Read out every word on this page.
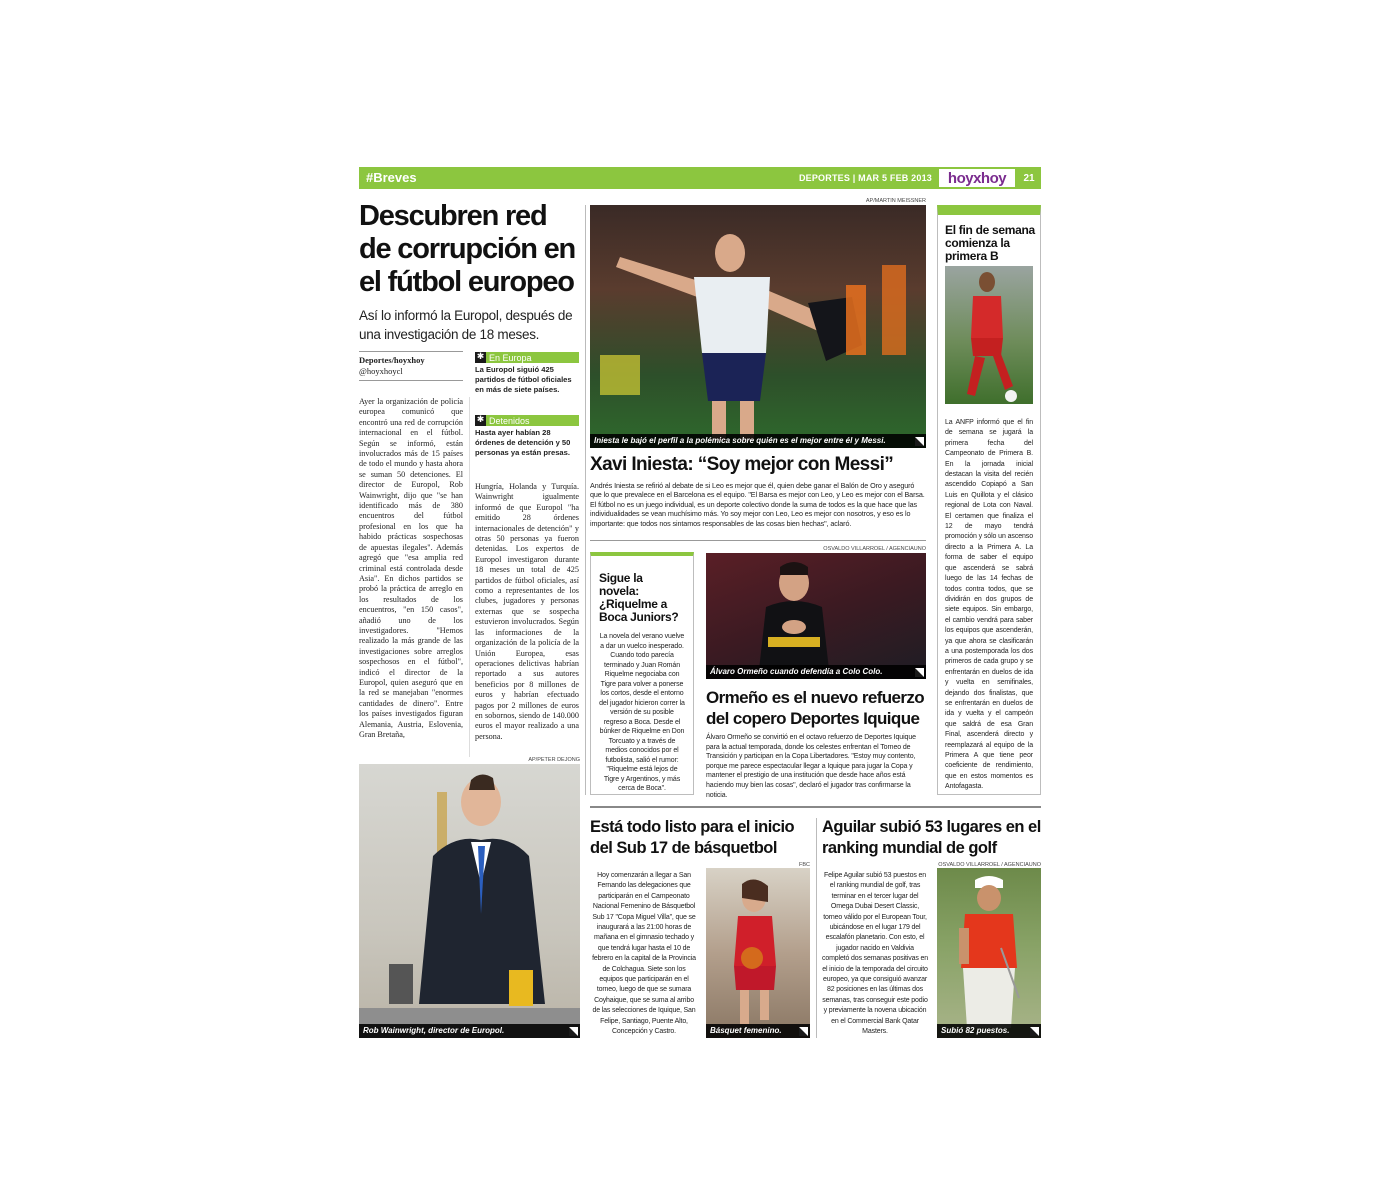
#Breves	DEPORTES | MAR 5 FEB 2013 hoyxhoy	21
Descubren red de corrupción en el fútbol europeo
Así lo informó la Europol, después de una investigación de 18 meses.
Deportes/hoyxhoy
@hoyxhoycl
Ayer la organización de policía europea comunicó que encontró una red de corrupción internacional en el fútbol. Según se informó, están involucrados más de 15 países de todo el mundo y hasta ahora se suman 50 detenciones. El director de Europol, Rob Wainwright, dijo que "se han identificado más de 380 encuentros del fútbol profesional en los que ha habido prácticas sospechosas de apuestas ilegales". Además agregó que "esa amplia red criminal está controlada desde Asia". En dichos partidos se probó la práctica de arreglo en los resultados de los encuentros, "en 150 casos", añadió uno de los investigadores. "Hemos realizado la más grande de las investigaciones sobre arreglos sospechosos en el fútbol", indicó el director de la Europol, quien aseguró que en la red se manejaban "enormes cantidades de dinero". Entre los países investigados figuran Alemania, Austria, Eslovenia, Gran Bretaña,
✱ En Europa
La Europol siguió 425 partidos de fútbol oficiales en más de siete países.
✱ Detenidos
Hasta ayer habían 28 órdenes de detención y 50 personas ya están presas.
Hungría, Holanda y Turquía. Wainwright igualmente informó de que Europol "ha emitido 28 órdenes internacionales de detención" y otras 50 personas ya fueron detenidas. Los expertos de Europol investigaron durante 18 meses un total de 425 partidos de fútbol oficiales, así como a representantes de los clubes, jugadores y personas externas que se sospecha estuvieron involucrados. Según las informaciones de la organización de la policía de la Unión Europea, esas operaciones delictivas habrían reportado a sus autores beneficios por 8 millones de euros y habrían efectuado pagos por 2 millones de euros en sobornos, siendo de 140.000 euros el mayor realizado a una persona.
AP/PETER DEJONG
Rob Wainwright, director de Europol.
AP/MARTIN MEISSNER
Iniesta le bajó el perfil a la polémica sobre quién es el mejor entre él y Messi.
Xavi Iniesta: “Soy mejor con Messi”
Andrés Iniesta se refirió al debate de si Leo es mejor que él, quien debe ganar el Balón de Oro y aseguró que lo que prevalece en el Barcelona es el equipo. "El Barsa es mejor con Leo, y Leo es mejor con el Barsa. El fútbol no es un juego individual, es un deporte colectivo donde la suma de todos es la que hace que las individualidades se vean muchísimo más. Yo soy mejor con Leo, Leo es mejor con nosotros, y eso es lo importante: que todos nos sintamos responsables de las cosas bien hechas", aclaró.
Sigue la novela: ¿Riquelme a Boca Juniors?
La novela del verano vuelve a dar un vuelco inesperado. Cuando todo parecía terminado y Juan Román Riquelme negociaba con Tigre para volver a ponerse los cortos, desde el entorno del jugador hicieron correr la versión de su posible regreso a Boca. Desde el búnker de Riquelme en Don Torcuato y a través de medios conocidos por el futbolista, salió el rumor: "Riquelme está lejos de Tigre y Argentinos, y más cerca de Boca".
OSVALDO VILLARROEL / AGENCIAUNO
Álvaro Ormeño cuando defendía a Colo Colo.
Ormeño es el nuevo refuerzo del copero Deportes Iquique
Álvaro Ormeño se convirtió en el octavo refuerzo de Deportes Iquique para la actual temporada, donde los celestes enfrentan el Torneo de Transición y participan en la Copa Libertadores. "Estoy muy contento, porque me parece espectacular llegar a Iquique para jugar la Copa y mantener el prestigio de una institución que desde hace años está haciendo muy bien las cosas", declaró el jugador tras confirmarse la noticia.
El fin de semana comienza la primera B
La ANFP informó que el fin de semana se jugará la primera fecha del Campeonato de Primera B. En la jornada inicial destacan la visita del recién ascendido Copiapó a San Luis en Quillota y el clásico regional de Lota con Naval. El certamen que finaliza el 12 de mayo tendrá promoción y sólo un ascenso directo a la Primera A. La forma de saber el equipo que ascenderá se sabrá luego de las 14 fechas de todos contra todos, que se dividirán en dos grupos de siete equipos. Sin embargo, el cambio vendrá para saber los equipos que ascenderán, ya que ahora se clasificarán a una postemporada los dos primeros de cada grupo y se enfrentarán en duelos de ida y vuelta en semifinales, dejando dos finalistas, que se enfrentarán en duelos de ida y vuelta y el campeón que saldrá de esa Gran Final, ascenderá directo y reemplazará al equipo de la Primera A que tiene peor coeficiente de rendimiento, que en estos momentos es Antofagasta.
Está todo listo para el inicio del Sub 17 de básquetbol
Hoy comenzarán a llegar a San Fernando las delegaciones que participarán en el Campeonato Nacional Femenino de Básquetbol Sub 17 "Copa Miguel Villa", que se inaugurará a las 21:00 horas de mañana en el gimnasio techado y que tendrá lugar hasta el 10 de febrero en la capital de la Provincia de Colchagua. Siete son los equipos que participarán en el torneo, luego de que se sumara Coyhaique, que se suma al arribo de las selecciones de Iquique, San Felipe, Santiago, Puente Alto, Concepción y Castro.
FBC
Básquet femenino.
Aguilar subió 53 lugares en el ranking mundial de golf
Felipe Aguilar subió 53 puestos en el ranking mundial de golf, tras terminar en el tercer lugar del Omega Dubai Desert Classic, torneo válido por el European Tour, ubicándose en el lugar 179 del escalafón planetario. Con esto, el jugador nacido en Valdivia completó dos semanas positivas en el inicio de la temporada del circuito europeo, ya que consiguió avanzar 82 posiciones en las últimas dos semanas, tras conseguir este podio y previamente la novena ubicación en el Commercial Bank Qatar Masters.
OSVALDO VILLARROEL / AGENCIAUNO
Subió 82 puestos.
